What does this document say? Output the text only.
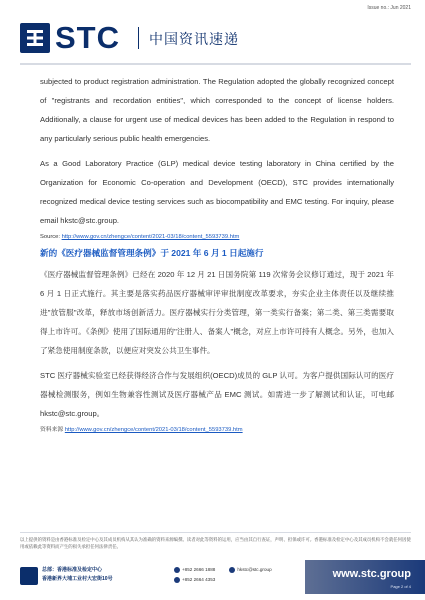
Issue no.: Jun 2021
STC 中国资讯速递

subjected to product registration administration. The Regulation adopted the globally recognized concept of "registrants and recordation entities", which corresponded to the concept of license holders. Additionally, a clause for urgent use of medical devices has been added to the Regulation in respond to any particularly serious public health emergencies.

As a Good Laboratory Practice (GLP) medical device testing laboratory in China certified by the Organization for Economic Co-operation and Development (OECD), STC provides internationally recognized medical device testing services such as biocompatibility and EMC testing. For inquiry, please email hkstc@stc.group.

Source: http://www.gov.cn/zhengce/content/2021-03/18/content_5593739.htm
新的《医疗器械监督管理条例》于 2021 年 6 月 1 日起施行

《医疗器械监督管理条例》已经在 2020 年 12 月 21 日国务院第 119 次常务会议修订通过，现于 2021 年 6 月 1 日正式施行。其主要是落实药品医疗器械审评审批制度改革要求，夯实企业主体责任以及继续推进"放管服"改革，释放市场创新活力。医疗器械实行分类管理，第一类实行备案；第二类、第三类需要取得上市许可。《条例》使用了国际通用的"注册人、备案人"概念，对应上市许可持有人概念。另外，也加入了紧急使用制度条款，以便应对突发公共卫生事件。

STC 医疗器械实验室已经获得经济合作与发展组织(OECD)成员的 GLP 认可。为客户提供国际认可的医疗器械检测服务，例如生物兼容性测试及医疗器械产品 EMC 测试。如需进一步了解测试和认证，可电邮 hkstc@stc.group。

资料来源 http://www.gov.cn/zhengce/content/2021-03/18/content_5593739.htm
以上提供的资料是由香港标准及检定中心及其成员机构从其认为准确的资料来源编撰。读者对此等资料的运用，应当由其自行查证，声明、担保或许可。香港标准及检定中心及其成员机构不会就任何因使用或依赖此等资料而产生的损失承担任何法律责任。
总部：香港标准及检定中心
香港新界大埔工业村大宏街10号
+852 2666 1888	hkstc@stc.group
+852 2664 4353	www.stc.group
Page 2 of 4
